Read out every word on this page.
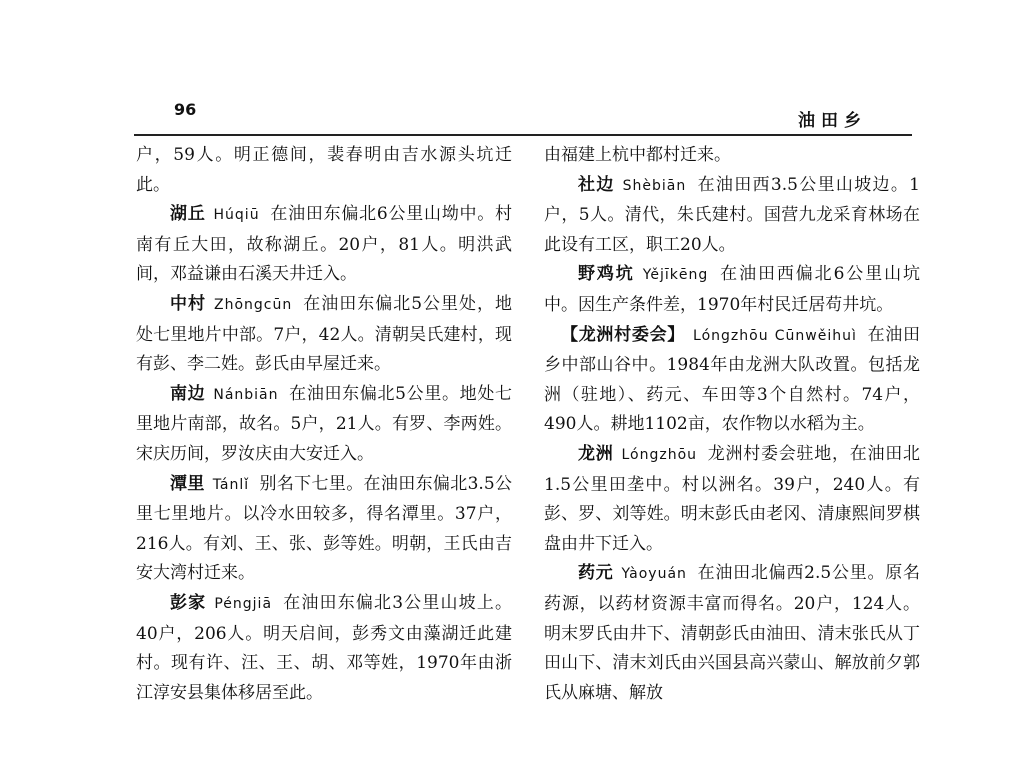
96
油田乡

户，59人。明正德间，裴春明由吉水源头坑迁此。

湖丘 Húqiū 在油田东偏北6公里山坳中。村南有丘大田，故称湖丘。20户，81人。明洪武间，邓益谦由石溪天井迁入。

中村 Zhōngcūn 在油田东偏北5公里处，地处七里地片中部。7户，42人。清朝吴氏建村，现有彭、李二姓。彭氏由早屋迁来。

南边 Nánbiān 在油田东偏北5公里。地处七里地片南部，故名。5户，21人。有罗、李两姓。宋庆历间，罗汝庆由大安迁入。

潭里 Tánlǐ 别名下七里。在油田东偏北3.5公里七里地片。以冷水田较多，得名潭里。37户，216人。有刘、王、张、彭等姓。明朝，王氏由吉安大湾村迁来。

彭家 Péngjiā 在油田东偏北3公里山坡上。40户，206人。明天启间，彭秀文由藻湖迁此建村。现有许、汪、王、胡、邓等姓，1970年由浙江淳安县集体移居至此。

由福建上杭中都村迁来。

社边 Shèbiān 在油田西3.5公里山坡边。1户，5人。清代，朱氏建村。国营九龙采育林场在此设有工区，职工20人。

野鸡坑 Yějīkēng 在油田西偏北6公里山坑中。因生产条件差，1970年村民迁居苟井坑。

【龙洲村委会】 Lóngzhōu Cūnwěihuì 在油田乡中部山谷中。1984年由龙洲大队改置。包括龙洲（驻地）、药元、车田等3个自然村。74户，490人。耕地1102亩，农作物以水稻为主。

龙洲 Lóngzhōu 龙洲村委会驻地，在油田北1.5公里田垄中。村以洲名。39户，240人。有彭、罗、刘等姓。明末彭氏由老冈、清康熙间罗棋盘由井下迁入。

药元 Yàoyuán 在油田北偏西2.5公里。原名药源，以药材资源丰富而得名。20户，124人。明末罗氏由井下、清朝彭氏由油田、清末张氏从丁田山下、清末刘氏由兴国县高兴蒙山、解放前夕郭氏从麻塘、解放
